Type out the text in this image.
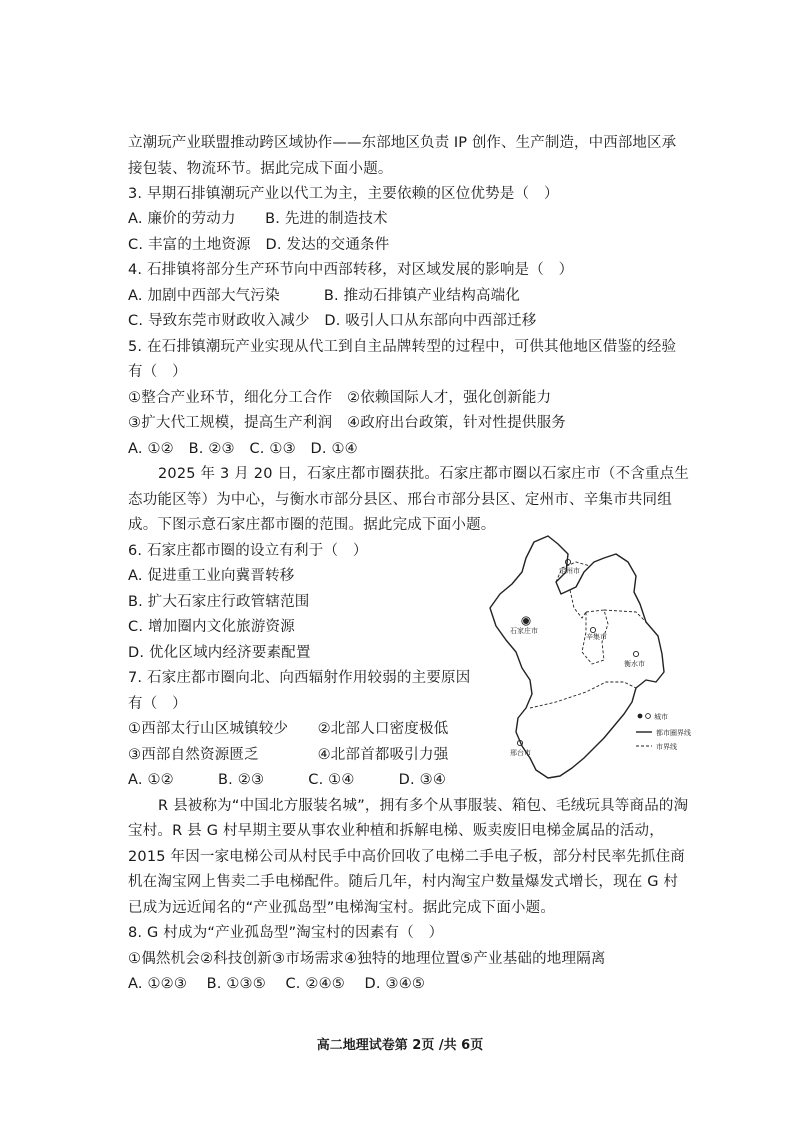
立潮玩产业联盟推动跨区域协作——东部地区负责 IP 创作、生产制造，中西部地区承
接包装、物流环节。据此完成下面小题。
3. 早期石排镇潮玩产业以代工为主，主要依赖的区位优势是（　）
A. 廉价的劳动力　　B. 先进的制造技术
C. 丰富的土地资源　D. 发达的交通条件
4. 石排镇将部分生产环节向中西部转移，对区域发展的影响是（　）
A. 加剧中西部大气污染　　　B. 推动石排镇产业结构高端化
C. 导致东莞市财政收入减少　D. 吸引人口从东部向中西部迁移
5. 在石排镇潮玩产业实现从代工到自主品牌转型的过程中，可供其他地区借鉴的经验
有（　）
①整合产业环节，细化分工合作　②依赖国际人才，强化创新能力
③扩大代工规模，提高生产利润　④政府出台政策，针对性提供服务
A. ①②　B. ②③　C. ①③　D. ①④
2025 年 3 月 20 日，石家庄都市圈获批。石家庄都市圈以石家庄市（不含重点生
态功能区等）为中心，与衡水市部分县区、邢台市部分县区、定州市、辛集市共同组
成。下图示意石家庄都市圈的范围。据此完成下面小题。
6. 石家庄都市圈的设立有利于（　）
A. 促进重工业向冀晋转移
B. 扩大石家庄行政管辖范围
C. 增加圈内文化旅游资源
D. 优化区域内经济要素配置
7. 石家庄都市圈向北、向西辐射作用较弱的主要原因
有（　）
①西部太行山区城镇较少　　②北部人口密度极低
③西部自然资源匮乏　　　　④北部首都吸引力强
A. ①②　　　B. ②③　　　C. ①④　　　D. ③④
R 县被称为“中国北方服装名城”，拥有多个从事服装、箱包、毛绒玩具等商品的淘
宝村。R 县 G 村早期主要从事农业种植和拆解电梯、贩卖废旧电梯金属品的活动，
2015 年因一家电梯公司从村民手中高价回收了电梯二手电子板，部分村民率先抓住商
机在淘宝网上售卖二手电梯配件。随后几年，村内淘宝户数量爆发式增长，现在 G 村
已成为远近闻名的“产业孤岛型”电梯淘宝村。据此完成下面小题。
8. G 村成为“产业孤岛型”淘宝村的因素有（　）
①偶然机会②科技创新③市场需求④独特的地理位置⑤产业基础的地理隔离
A. ①②③　 B. ①③⑤　 C. ②④⑤　 D. ③④⑤
定州市
石家庄市
辛集市
衡水市
邢台市
城市
都市圈界线
市界线
高二地理试卷第 2页 /共 6页
